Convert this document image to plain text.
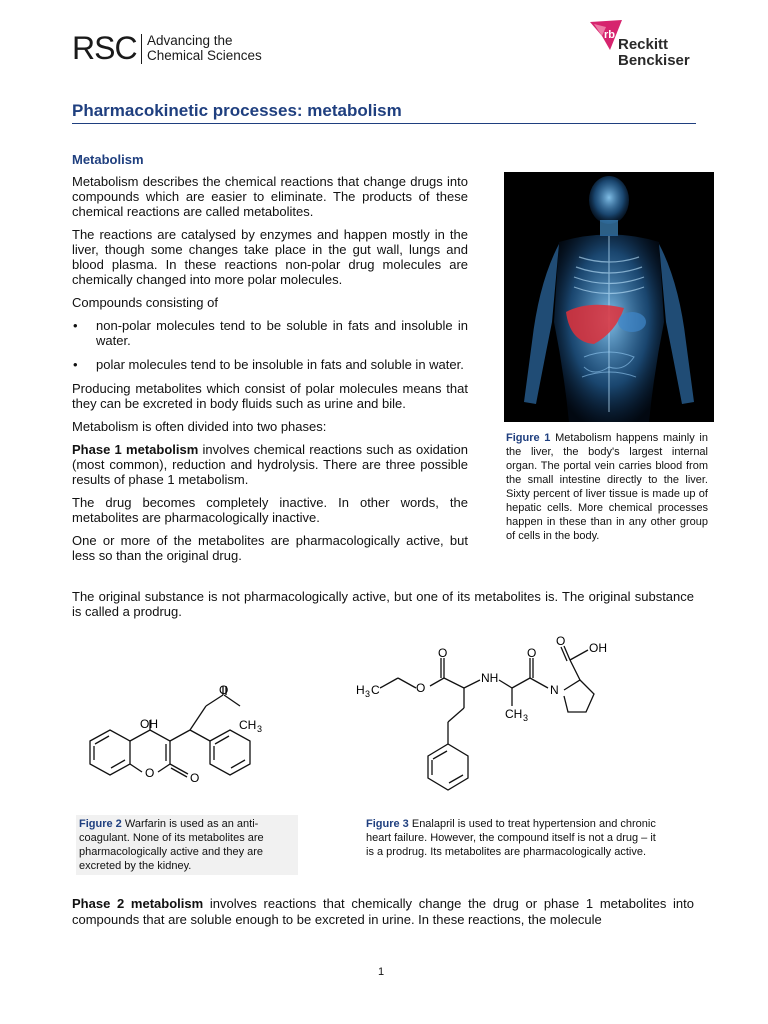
RSC Advancing the
Chemical Sciences
rb
Reckitt
Benckiser
Pharmacokinetic processes: metabolism
Metabolism

Metabolism describes the chemical reactions that change drugs into compounds which are easier to eliminate. The products of these chemical reactions are called metabolites.

The reactions are catalysed by enzymes and happen mostly in the liver, though some changes take place in the gut wall, lungs and blood plasma. In these reactions non-polar drug molecules are chemically changed into more polar molecules.

Compounds consisting of

• non-polar molecules tend to be soluble in fats and insoluble in water.
• polar molecules tend to be insoluble in fats and soluble in water.

Producing metabolites which consist of polar molecules means that they can be excreted in body fluids such as urine and bile.

Metabolism is often divided into two phases:

Phase 1 metabolism involves chemical reactions such as oxidation (most common), reduction and hydrolysis. There are three possible results of phase 1 metabolism.

The drug becomes completely inactive. In other words, the metabolites are pharmacologically inactive.

One or more of the metabolites are pharmacologically active, but less so than the original drug.

The original substance is not pharmacologically active, but one of its metabolites is. The original substance is called a prodrug.

Figure 1 Metabolism happens mainly in the liver, the body's largest internal organ. The portal vein carries blood from the small intestine directly to the liver. Sixty percent of liver tissue is made up of hepatic cells. More chemical processes happen in these than in any other group of cells in the body.
O
OH	CH 3
O	O
Figure 2 Warfarin is used as an anti-coagulant. None of its metabolites are pharmacologically active and they are excreted by the kidney.
H 3 C	O
O
NH
O
CH 3
N
O OH
Figure 3 Enalapril is used to treat hypertension and chronic heart failure. However, the compound itself is not a drug – it is a prodrug. Its metabolites are pharmacologically active.
Phase 2 metabolism involves reactions that chemically change the drug or phase 1 metabolites into compounds that are soluble enough to be excreted in urine. In these reactions, the molecule
1
